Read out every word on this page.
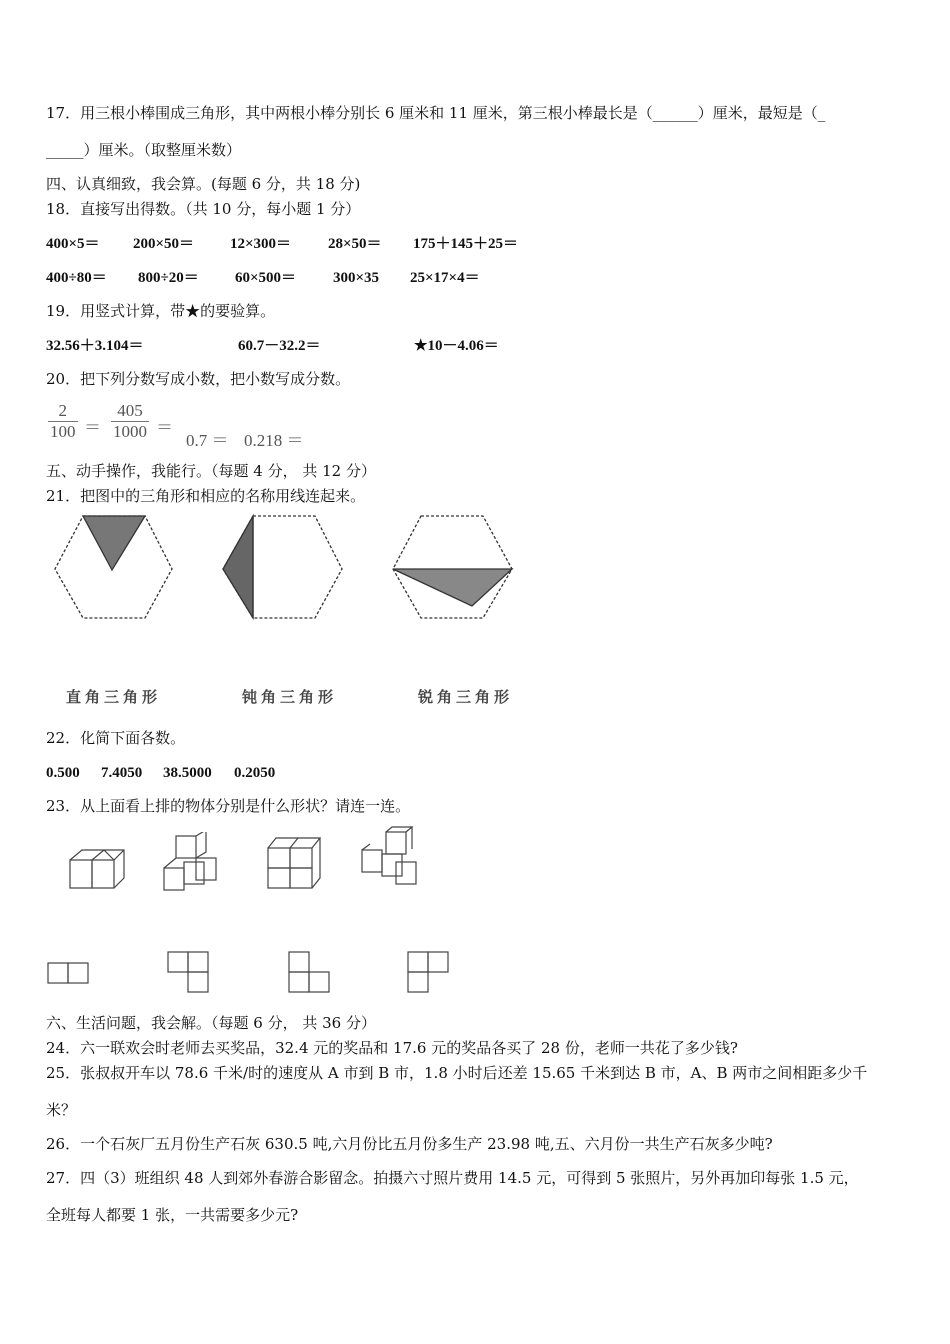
17．用三根小棒围成三角形，其中两根小棒分别长 6 厘米和 11 厘米，第三根小棒最长是（______）厘米，最短是（_
_____）厘米。（取整厘米数）
四、认真细致，我会算。(每题 6 分，共 18 分)
18．直接写出得数。（共 10 分，每小题 1 分）
400×5＝ 200×50＝ 12×300＝ 28×50＝ 175＋145＋25＝
400÷80＝ 800÷20＝ 60×500＝ 300×35 25×17×4＝
19．用竖式计算，带★的要验算。
32.56＋3.104＝	60.7－32.2＝	★10－4.06＝
20．把下列分数写成小数，把小数写成分数。
$\frac{2}{100} = \frac{405}{1000}$ ＝
0.7 ＝ 0.218 ＝
五、动手操作，我能行。（每题 4 分， 共 12 分）
21．把图中的三角形和相应的名称用线连起来。
直角三角形	钝角三角形	锐角三角形
22．化简下面各数。
0.500 7.4050 38.5000 0.2050
23．从上面看上排的物体分别是什么形状？请连一连。
六、生活问题，我会解。（每题 6 分， 共 36 分）
24．六一联欢会时老师去买奖品，32.4 元的奖品和 17.6 元的奖品各买了 28 份，老师一共花了多少钱?
25．张叔叔开车以 78.6 千米/时的速度从 A 市到 B 市，1.8 小时后还差 15.65 千米到达 B 市，A、B 两市之间相距多少千
米？
26．一个石灰厂五月份生产石灰 630.5 吨,六月份比五月份多生产 23.98 吨,五、六月份一共生产石灰多少吨?
27．四（3）班组织 48 人到郊外春游合影留念。拍摄六寸照片费用 14.5 元，可得到 5 张照片，另外再加印每张 1.5 元，
全班每人都要 1 张，一共需要多少元?
